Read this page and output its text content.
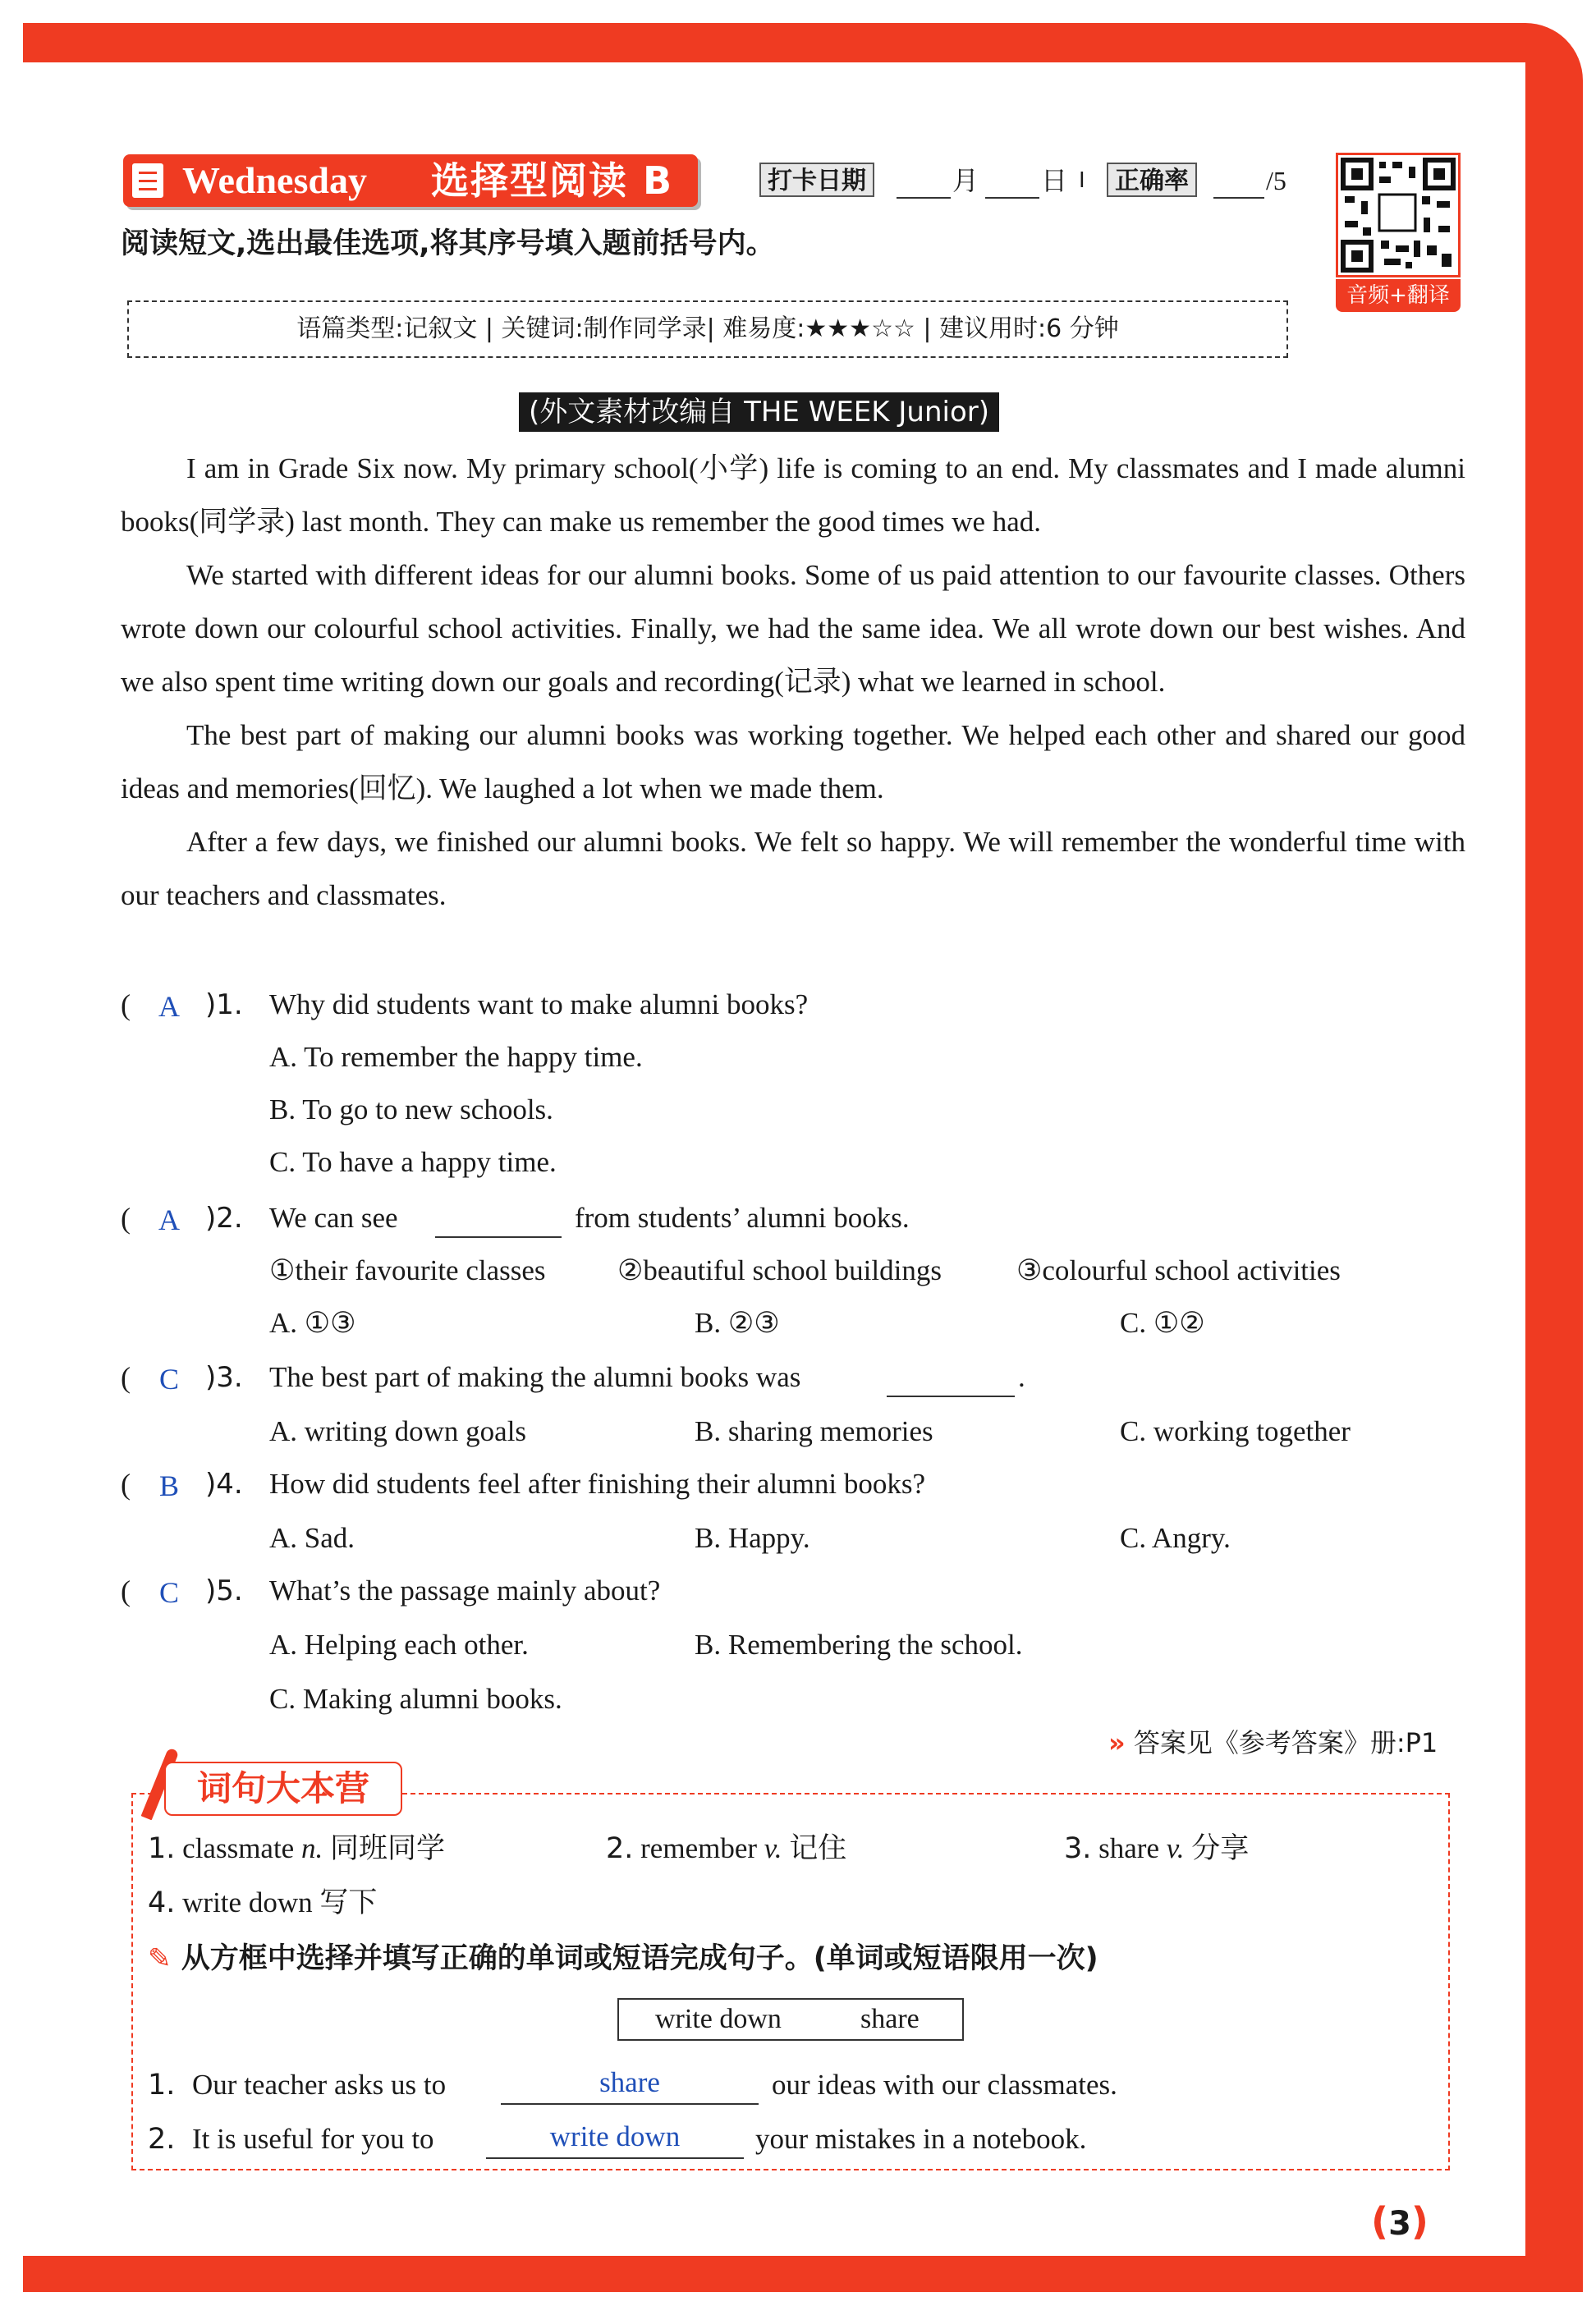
Wednesday 选择型阅读 B	打卡日期	月 日 I	正确率	/5
音频+翻译
阅读短文,选出最佳选项,将其序号填入题前括号内。
语篇类型:记叙文 | 关键词:制作同学录| 难易度:★★★☆☆ | 建议用时:6 分钟
(外文素材改编自 THE WEEK Junior)

I am in Grade Six now. My primary school(小学) life is coming to an end. My classmates and I made alumni books(同学录) last month. They can make us remember the good times we had.

We started with different ideas for our alumni books. Some of us paid attention to our favourite classes. Others wrote down our colourful school activities. Finally, we had the same idea. We all wrote down our best wishes. And we also spent time writing down our goals and recording(记录) what we learned in school.

The best part of making our alumni books was working together. We helped each other and shared our good ideas and memories(回忆). We laughed a lot when we made them.

After a few days, we finished our alumni books. We felt so happy. We will remember the wonderful time with our teachers and classmates.

( A )1. Why did students want to make alumni books?
A. To remember the happy time.
B. To go to new schools.
C. To have a happy time.
( A )2. We can see	from students’ alumni books.
①their favourite classes ②beautiful school buildings	③colourful school activities
A. ①③	B. ②③	C. ①②
( C )3. The best part of making the alumni books was	.
A. writing down goals	B. sharing memories	C. working together
( B )4. How did students feel after finishing their alumni books?
A. Sad.	B. Happy.	C. Angry.
( C )5. What’s the passage mainly about?
A. Helping each other.	B. Remembering the school.
C. Making alumni books.
» 答案见《参考答案》册:P1
词句大本营
1. classmate n. 同班同学	2. remember v. 记住	3. share v. 分享
4. write down 写下
✎ 从方框中选择并填写正确的单词或短语完成句子。(单词或短语限用一次)
write down	share
1. Our teacher asks us to	share	our ideas with our classmates.
2. It is useful for you to	write down	your mistakes in a notebook.
(3)
